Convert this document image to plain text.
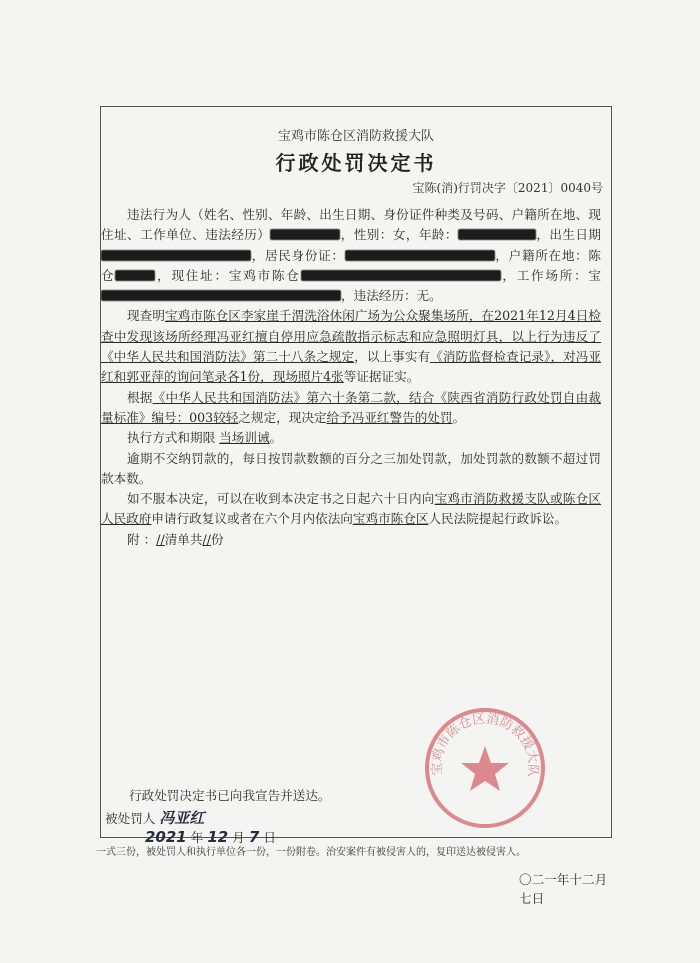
宝鸡市陈仓区消防救援大队
行政处罚决定书
宝陈(消)行罚决字〔2021〕0040号

违法行为人（姓名、性别、年龄、出生日期、身份证件种类及号码、户籍所在地、现住址、工作单位、违法经历）	，性别：女，年龄：	，出生日期，居民身份证：	，户籍所在地：陈仓	，现住址：宝鸡市陈仓	，工作场所：宝，违法经历：无。

现查明宝鸡市陈仓区李家崖千渭洗浴休闲广场为公众聚集场所，在2021年12月4日检查中发现该场所经理冯亚红擅自停用应急疏散指示标志和应急照明灯具，以上行为违反了《中华人民共和国消防法》第二十八条之规定，以上事实有《消防监督检查记录》，对冯亚红和郭亚萍的询问笔录各1份，现场照片4张等证据证实。

根据《中华人民共和国消防法》第六十条第二款，结合《陕西省消防行政处罚自由裁量标准》编号：003较轻之规定，现决定给予冯亚红警告的处罚。

执行方式和期限 当场训诫。

逾期不交纳罚款的，每日按罚款数额的百分之三加处罚款，加处罚款的数额不超过罚款本数。

如不服本决定，可以在收到本决定书之日起六十日内向宝鸡市消防救援支队或陈仓区人民政府申请行政复议或者在六个月内依法向宝鸡市陈仓区人民法院提起行政诉讼。

附 ：//清单共//份

行政处罚决定书已向我宣告并送达。
被处罚人 冯亚红
2021 年 12 月 7 日
〇二一年十二月七日
宝鸡市陈仓区消防救援大队
一式三份，被处罚人和执行单位各一份，一份附卷。治安案件有被侵害人的，复印送达被侵害人。
